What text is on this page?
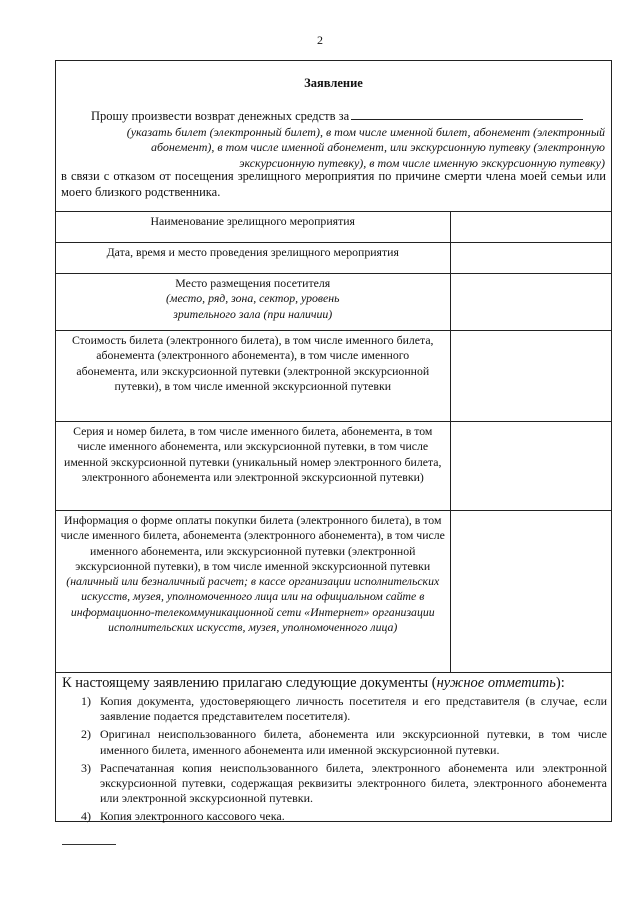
2
Заявление
Прошу произвести возврат денежных средств за
(указать билет (электронный билет), в том числе именной билет, абонемент (электронный абонемент), в том числе именной абонемент, или экскурсионную путевку (электронную экскурсионную путевку), в том числе именную экскурсионную путевку)
в связи с отказом от посещения зрелищного мероприятия по причине смерти члена моей семьи или моего близкого родственника.
Наименование зрелищного мероприятия	
Дата, время и место проведения зрелищного мероприятия	
Место размещения посетителя
(место, ряд, зона, сектор, уровень зрительного зала (при наличии)	

Стоимость билета (электронного билета), в том числе именного билета, абонемента (электронного абонемента), в том числе именного абонемента, или экскурсионной путевки (электронной экскурсионной путевки), в том числе именной экскурсионной путевки	
Серия и номер билета, в том числе именного билета, абонемента, в том числе именного абонемента, или экскурсионной путевки, в том числе именной экскурсионной путевки (уникальный номер электронного билета, электронного абонемента или электронной экскурсионной путевки)	
Информация о форме оплаты покупки билета (электронного билета), в том числе именного билета, абонемента (электронного абонемента), в том числе именного абонемента, или экскурсионной путевки (электронной экскурсионной путевки), в том числе именной экскурсионной путевки
(наличный или безналичный расчет; в кассе организации исполнительских искусств, музея, уполномоченного лица или на официальном сайте в информационно-телекоммуникационной сети «Интернет» организации исполнительских искусств, музея, уполномоченного лица)	

К настоящему заявлению прилагаю следующие документы (нужное отметить):
1) Копия документа, удостоверяющего личность посетителя и его представителя (в случае, если заявление подается представителем посетителя).
2) Оригинал неиспользованного билета, абонемента или экскурсионной путевки, в том числе именного билета, именного абонемента или именной экскурсионной путевки.
3) Распечатанная копия неиспользованного билета, электронного абонемента или электронной экскурсионной путевки, содержащая реквизиты электронного билета, электронного абонемента или электронной экскурсионной путевки.
4) Копия электронного кассового чека.
